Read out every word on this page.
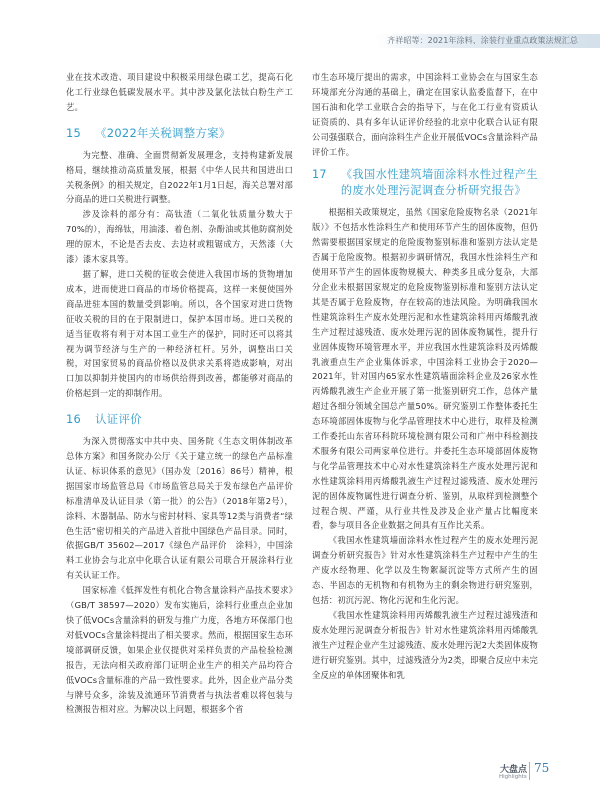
齐祥昭等：2021年涂料、涂装行业重点政策法规汇总

业在技术改造、项目建设中积极采用绿色碳工艺，提高石化化工行业绿色低碳发展水平。其中涉及氯化法钛白粉生产工艺。

15 《2022年关税调整方案》

为完整、准确、全面贯彻新发展理念，支持构建新发展格局，继续推动高质量发展，根据《中华人民共和国进出口关税条例》的相关规定，自2022年1月1日起，海关总署对部分商品的进口关税进行调整。

涉及涂料的部分有：高钛渣（二氧化钛质量分数大于70%的），海绵钛，用油漆、着色剂、杂酚油或其他防腐剂处理的原木，不论是否去皮、去边材或粗锯成方，天然漆（大漆）漆木家具等。

据了解，进口关税的征收会使进入我国市场的货物增加成本，进而使进口商品的市场价格提高，这样一来便使国外商品进驻本国的数量受到影响。所以，各个国家对进口货物征收关税的目的在于限制进口，保护本国市场。进口关税的适当征收将有利于对本国工业生产的保护，同时还可以将其视为调节经济与生产的一种经济杠杆。另外，调整出口关税，对国家贸易的商品价格以及供求关系将造成影响，对出口加以抑制并使国内的市场供给得到改善，都能够对商品的价格起到一定的抑制作用。

16 认证评价

为深入贯彻落实中共中央、国务院《生态文明体制改革总体方案》和国务院办公厅《关于建立统一的绿色产品标准认证、标识体系的意见》（国办发〔2016〕86号）精神，根据国家市场监管总局《市场监管总局关于发布绿色产品评价标准清单及认证目录（第一批）的公告》（2018年第2号），涂料、木器制品、防水与密封材料、家具等12类与消费者“绿色生活”密切相关的产品进入首批中国绿色产品目录。同时，依据GB/T 35602—2017《绿色产品评价　涂料》，中国涂料工业协会与北京中化联合认证有限公司联合开展涂料行业有关认证工作。

国家标准《低挥发性有机化合物含量涂料产品技术要求》（GB/T 38597—2020）发布实施后，涂料行业重点企业加快了低VOCs含量涂料的研发与推广力度，各地方环保部门也对低VOCs含量涂料提出了相关要求。然而，根据国家生态环境部调研反馈，如果企业仅提供对采样负责的产品检验检测报告，无法向相关政府部门证明企业生产的相关产品均符合低VOCs含量标准的产品一致性要求。此外，因企业产品分类与牌号众多，涂装及流通环节消费者与执法者难以将包装与检测报告相对应。为解决以上问题，根据多个省

市生态环境厅提出的需求，中国涂料工业协会在与国家生态环境部充分沟通的基础上，确定在国家认监委监督下，在中国石油和化学工业联合会的指导下，与在化工行业有资质认证资质的、具有多年认证评价经验的北京中化联合认证有限公司强强联合，面向涂料生产企业开展低VOCs含量涂料产品评价工作。

17 《我国水性建筑墙面涂料水性过程产生的废水处理污泥调查分析研究报告》

根据相关政策规定，虽然《国家危险废物名录（2021年版）》不包括水性涂料生产和使用环节产生的固体废物，但仍然需要根据国家规定的危险废物鉴别标准和鉴别方法认定是否属于危险废物。根据初步调研情况，我国水性涂料生产和使用环节产生的固体废物规模大、种类多且成分复杂，大部分企业未根据国家规定的危险废物鉴别标准和鉴别方法认定其是否属于危险废物，存在较高的违法风险。为明确我国水性建筑涂料生产废水处理污泥和水性建筑涂料用丙烯酸乳液生产过程过滤残渣、废水处理污泥的固体废物属性，提升行业固体废物环境管理水平，并应我国水性建筑涂料及丙烯酸乳液重点生产企业集体诉求，中国涂料工业协会于2020—2021年，针对国内65家水性建筑墙面涂料企业及26家水性丙烯酸乳液生产企业开展了第一批鉴别研究工作，总体产量超过各细分领域全国总产量50%。研究鉴别工作整体委托生态环境部固体废物与化学品管理技术中心进行，取样及检测工作委托山东省环科院环境检测有限公司和广州中科检测技术服务有限公司两家单位进行。并委托生态环境部固体废物与化学品管理技术中心对水性建筑涂料生产废水处理污泥和水性建筑涂料用丙烯酸乳液生产过程过滤残渣、废水处理污泥的固体废物属性进行调查分析、鉴别，从取样到检测整个过程合规、严谨，从行业共性及涉及企业产量占比幅度来看，参与项目各企业数据之间具有互作比关系。

《我国水性建筑墙面涂料水性过程产生的废水处理污泥调查分析研究报告》针对水性建筑涂料生产过程中产生的生产废水经物理、化学以及生物絮凝沉淀等方式所产生的固态、半固态的无机物和有机物为主的剩余物进行研究鉴别，包括：初沉污泥、物化污泥和生化污泥。

《我国水性建筑涂料用丙烯酸乳液生产过程过滤残渣和废水处理污泥调查分析报告》针对水性建筑涂料用丙烯酸乳液生产过程企业产生过滤残渣、废水处理污泥2大类固体废物进行研究鉴别。其中，过滤残渣分为2类，即聚合反应中未完全反应的单体团聚体和乳

大盘点
Highlights
75
